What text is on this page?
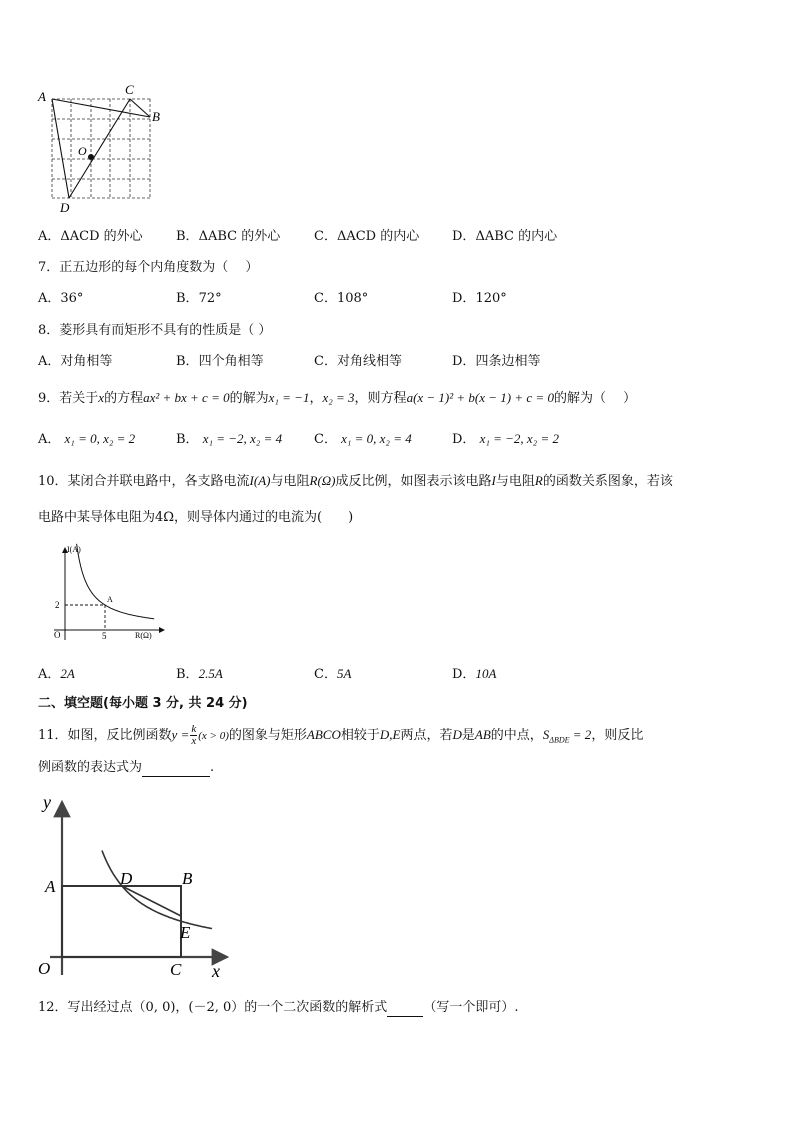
A	C
B
D
O
A．ΔACD 的外心	B．ΔABC 的外心	C．ΔACD 的内心	D．ΔABC 的内心
7．正五边形的每个内角度数为（　 ）
A．36°	B．72°	C．108°	D．120°
8．菱形具有而矩形不具有的性质是（ ）
A．对角相等	B．四个角相等	C．对角线相等	D．四条边相等
9．若关于x的方程ax² + bx + c = 0的解为x₁ = −1，x₂ = 3，则方程a(x − 1)² + b(x − 1) + c = 0的解为（　 ）
A． x₁ = 0, x₂ = 2	B． x₁ = −2, x₂ = 4 C． x₁ = 0, x₂ = 4	D． x₁ = −2, x₂ = 2
10．某闭合并联电路中，各支路电流I(A)与电阻R(Ω)成反比例，如图表示该电路I与电阻R的函数关系图象，若该
电路中某导体电阻为4Ω，则导体内通过的电流为(　　)
I(A)
R(Ω)
O
2
5
A
A．2A	B．2.5A	C．5A	D．10A
二、填空题(每小题 3 分, 共 24 分)
11．如图，反比例函数$y = \frac{k}{x} (x > 0)$的图象与矩形ABCO相较于D,E两点，若D是AB的中点，$S_{\Delta BDE} = 2$，则反比
例函数的表达式为	.
y
x
A	B
C
D
E
O
12．写出经过点（0, 0)，(－2, 0）的一个二次函数的解析式	（写一个即可）.
